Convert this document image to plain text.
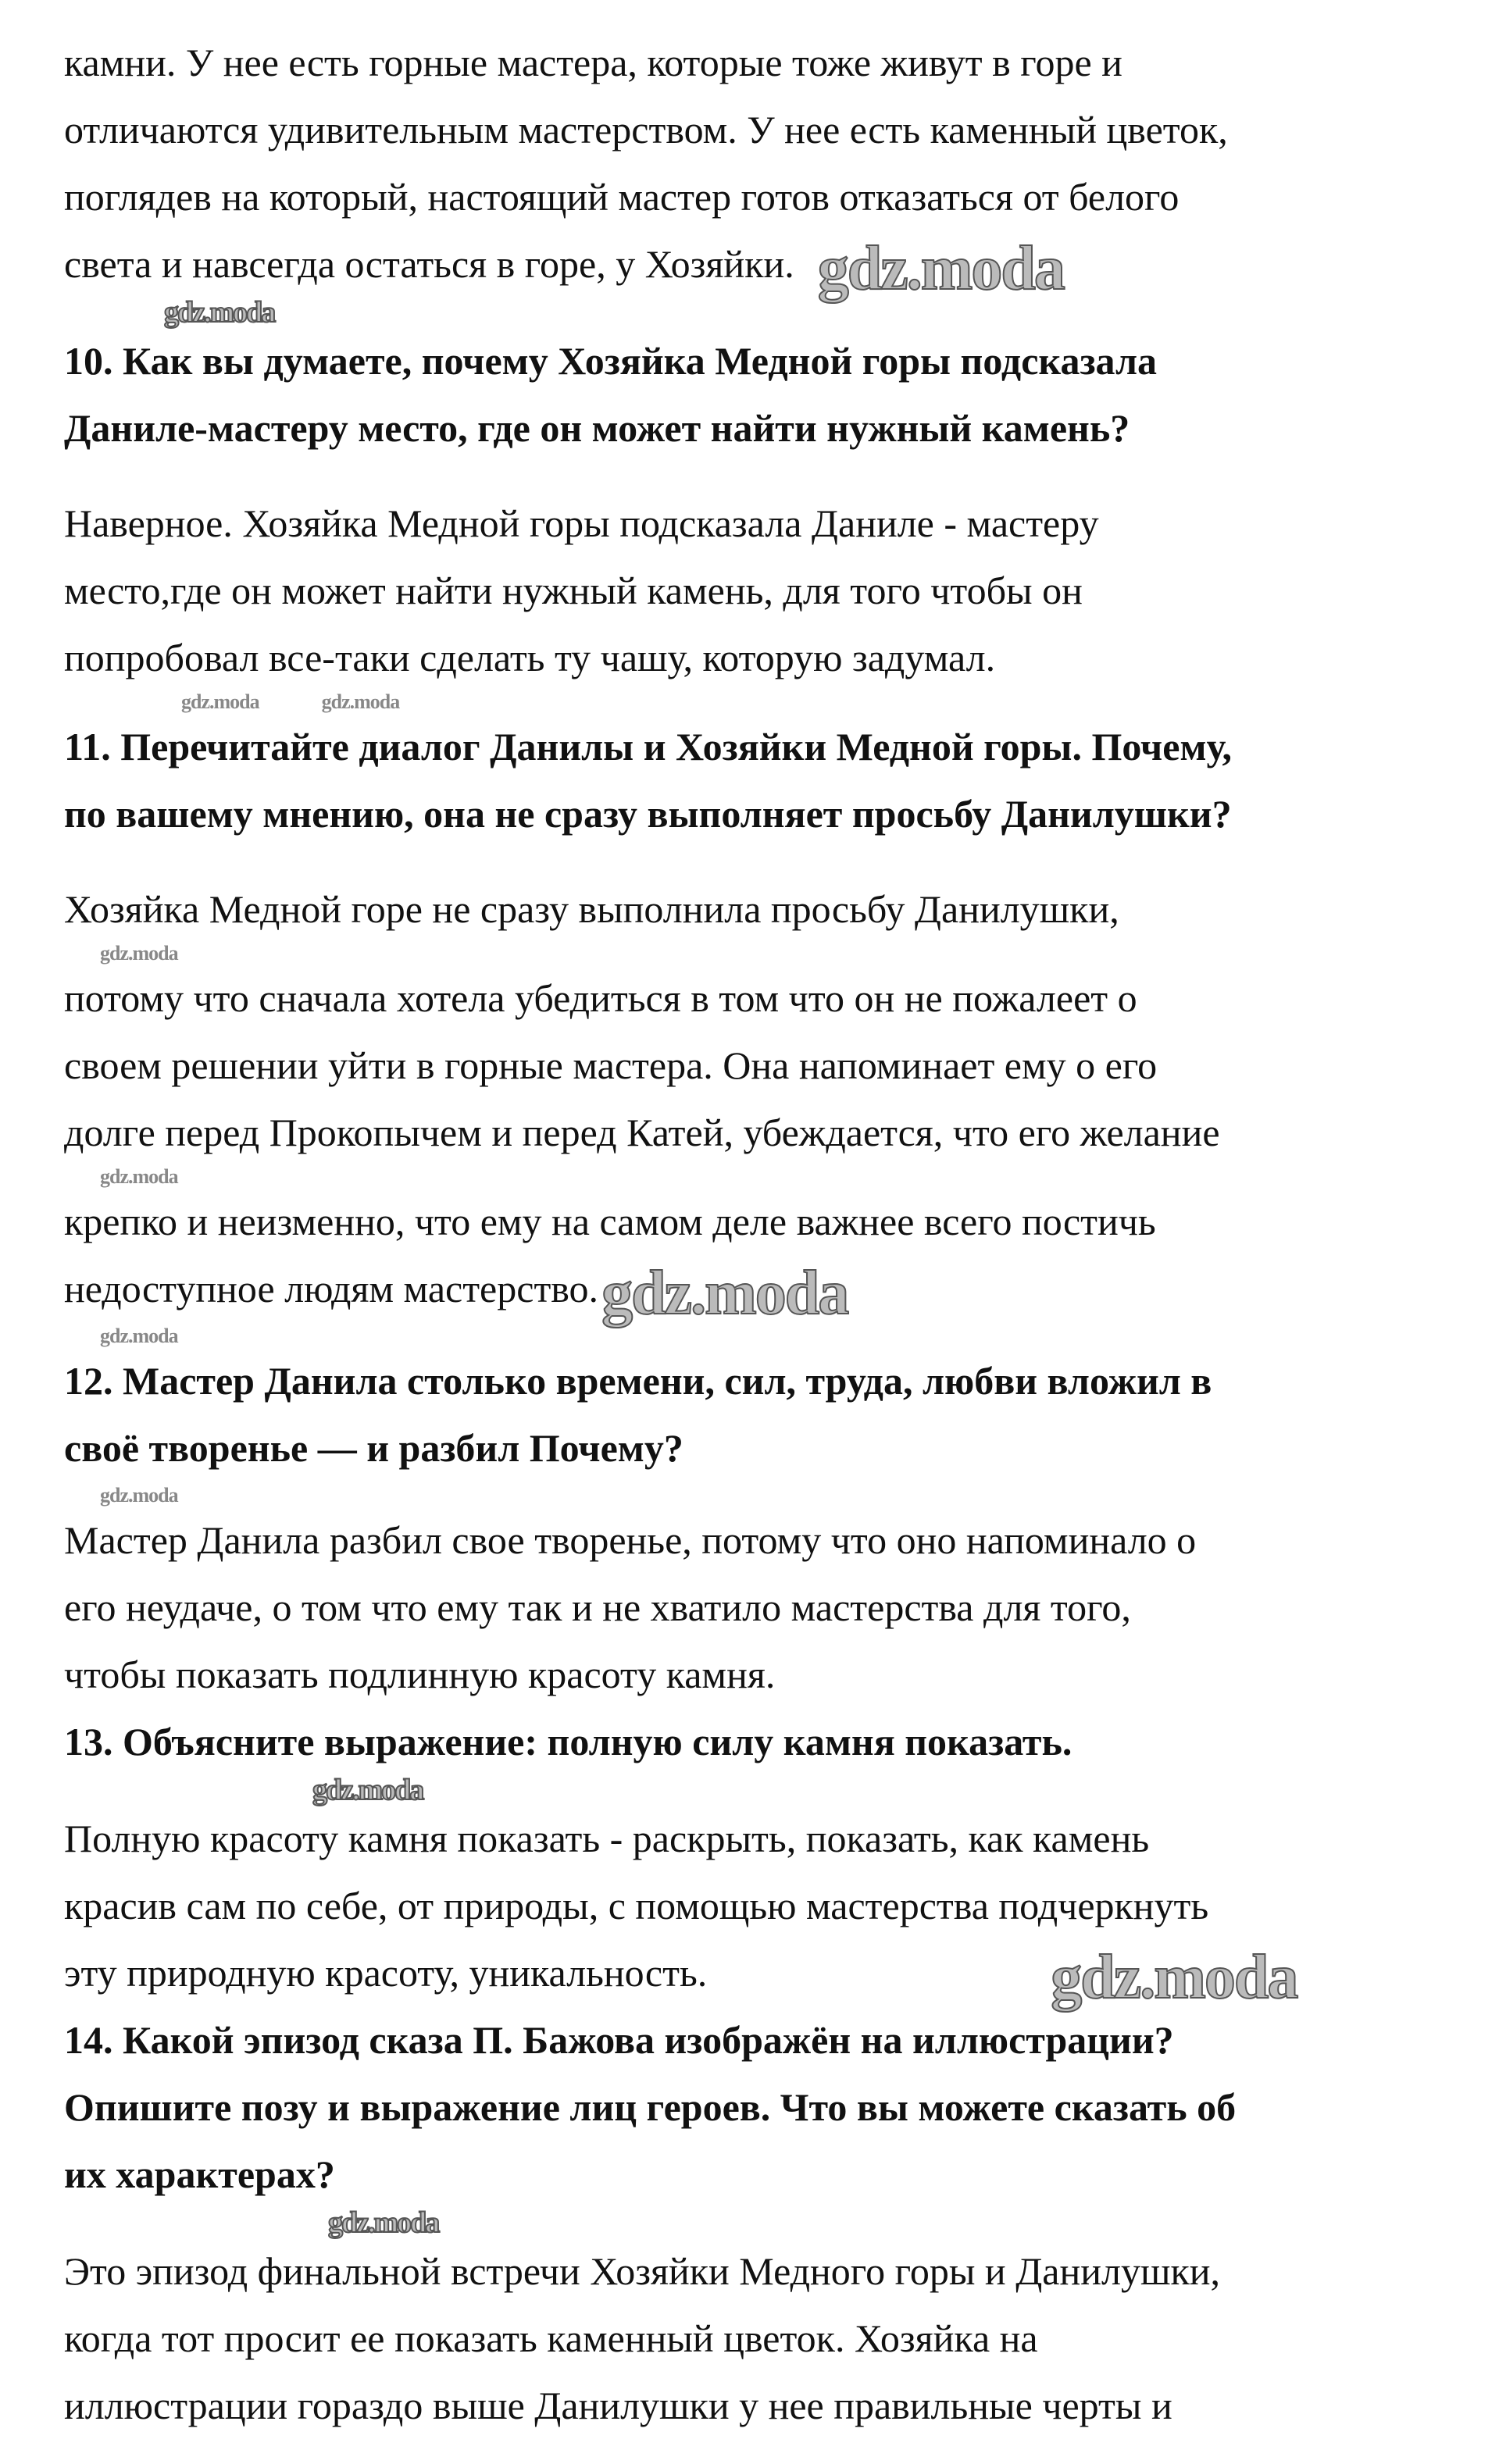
камни. У нее есть горные мастера, которые тоже живут в горе и
отличаются удивительным мастерством. У нее есть каменный цветок,
поглядев на который, настоящий мастер готов отказаться от белого
света и навсегда остаться в горе, у Хозяйки. gdz.moda
gdz.moda
10. Как вы думаете, почему Хозяйка Медной горы подсказала
Даниле-мастеру место, где он может найти нужный камень?
Наверное. Хозяйка Медной горы подсказала Даниле - мастеру
место,где он может найти нужный камень, для того чтобы он
попробовал все-таки сделать ту чашу, которую задумал.
gdz.moda	gdz.moda
11. Перечитайте диалог Данилы и Хозяйки Медной горы. Почему,
по вашему мнению, она не сразу выполняет просьбу Данилушки?
Хозяйка Медной горе не сразу выполнила просьбу Данилушки,
gdz.moda
потому что сначала хотела убедиться в том что он не пожалеет о
своем решении уйти в горные мастера. Она напоминает ему о его
долге перед Прокопычем и перед Катей, убеждается, что его желание
gdz.moda
крепко и неизменно, что ему на самом деле важнее всего постичь
недоступное людям мастерство.gdz.moda
gdz.moda
12. Мастер Данила столько времени, сил, труда, любви вложил в
своё творенье — и разбил Почему?
gdz.moda
Мастер Данила разбил свое творенье, потому что оно напоминало о
его неудаче, о том что ему так и не хватило мастерства для того,
чтобы показать подлинную красоту камня.
13. Объясните выражение: полную силу камня показать.
gdz.moda
Полную красоту камня показать - раскрыть, показать, как камень
красив сам по себе, от природы, с помощью мастерства подчеркнуть
эту природную красоту, уникальность.	gdz.moda
14. Какой эпизод сказа П. Бажова изображён на иллюстрации?
Опишите позу и выражение лиц героев. Что вы можете сказать об
их характерах?
gdz.moda
Это эпизод финальной встречи Хозяйки Медного горы и Данилушки,
когда тот просит ее показать каменный цветок. Хозяйка на
иллюстрации гораздо выше Данилушки у нее правильные черты и
